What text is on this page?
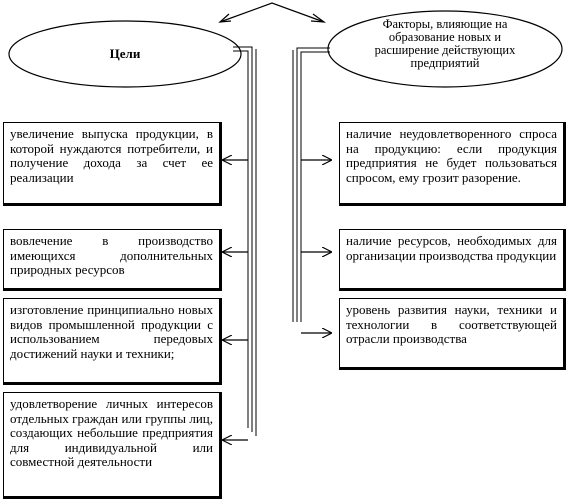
Цели
Факторы, влияющие на образование новых и расширение действующих предприятий
увеличение выпуска продукции, в которой нуждаются потребители, и получение дохода за счет ее реализации
вовлечение в производство имеющихся дополнительных природных ресурсов
изготовление принципиально новых видов промышленной продукции с использованием передовых достижений науки и техники;
удовлетворение личных интересов отдельных граждан или группы лиц, создающих небольшие предприятия для индивидуальной или совместной деятельности
наличие неудовлетворенного спроса на продукцию: если продукция предприятия не будет пользоваться спросом, ему грозит разорение.
наличие ресурсов, необходимых для организации производства продукции
уровень развития науки, техники и технологии в соответствующей отрасли производства
